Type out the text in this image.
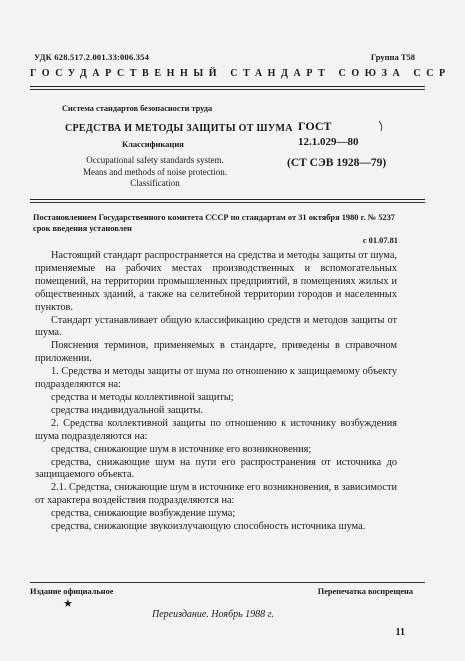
УДК 628.517.2.001.33:006.354	Группа Т58
ГОСУДАРСТВЕННЫЙ СТАНДАРТ СОЮЗА ССР
Система стандартов безопасности труда
СРЕДСТВА И МЕТОДЫ ЗАЩИТЫ ОТ ШУМА
Классификация
Occupational safety standards system.
Means and methods of noise protection.
Classification
ГОСТ
12.1.029—80
(СТ СЭВ 1928—79)
Постановлением Государственного комитета СССР по стандартам от 31 октября 1980 г. № 5237 срок введения установлен
с 01.07.81

Настоящий стандарт распространяется на средства и методы защиты от шума, применяемые на рабочих местах производственных и вспомогательных помещений, на территории промышленных предприятий, в помещениях жилых и общественных зданий, а также на селитебной территории городов и населенных пунктов.

Стандарт устанавливает общую классификацию средств и методов защиты от шума.

Пояснения терминов, применяемых в стандарте, приведены в справочном приложении.

1. Средства и методы защиты от шума по отношению к защищаемому объекту подразделяются на:

средства и методы коллективной защиты;

средства индивидуальной защиты.

2. Средства коллективной защиты по отношению к источнику возбуждения шума подразделяются на:

средства, снижающие шум в источнике его возникновения;

средства, снижающие шум на пути его распространения от источника до защищаемого объекта.

2.1. Средства, снижающие шум в источнике его возникновения, в зависимости от характера воздействия подразделяются на:

средства, снижающие возбуждение шума;

средства, снижающие звукоизлучающую способность источника шума.

Издание официальное	Перепечатка воспрещена
★
Переиздание. Ноябрь 1988 г.
11
